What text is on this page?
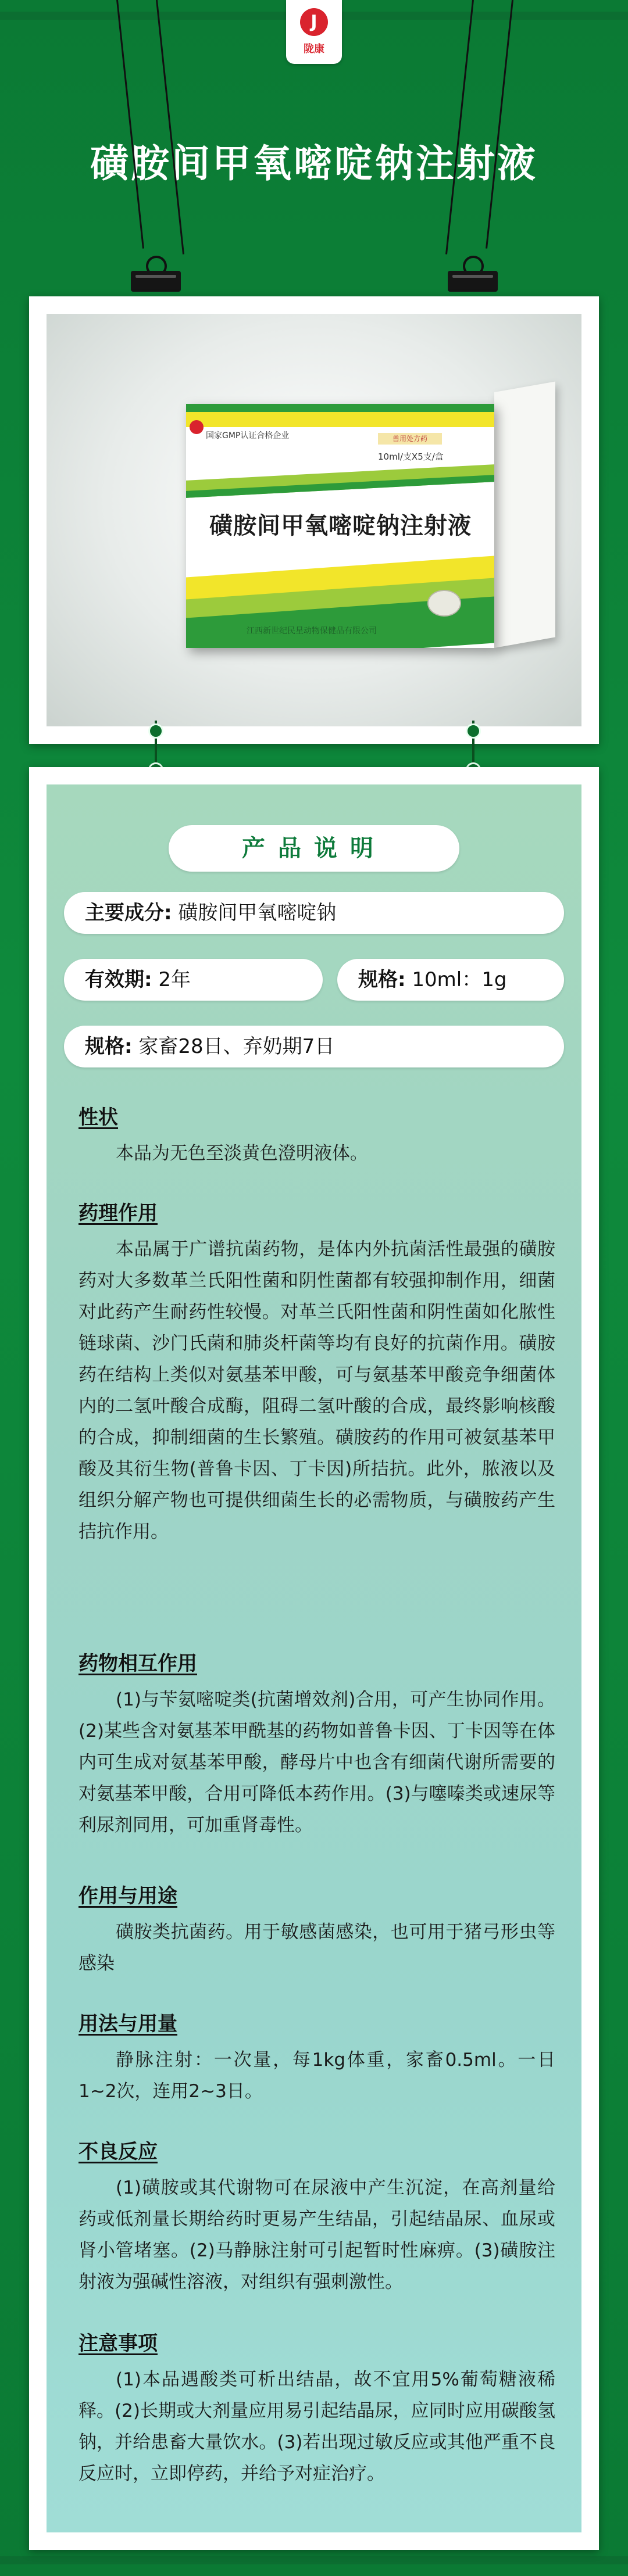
J
陇康
磺胺间甲氧嘧啶钠注射液
国家GMP认证合格企业	兽用处方药
10ml/支X5支/盒
磺胺间甲氧嘧啶钠注射液
江西新世纪民星动物保健品有限公司
产品说明
主要成分: 磺胺间甲氧嘧啶钠
有效期: 2年	规格: 10ml：1g
规格: 家畜28日、弃奶期7日
性状

本品为无色至淡黄色澄明液体。

药理作用

本品属于广谱抗菌药物，是体内外抗菌活性最强的磺胺药对大多数革兰氏阳性菌和阴性菌都有较强抑制作用，细菌对此药产生耐药性较慢。对革兰氏阳性菌和阴性菌如化脓性链球菌、沙门氏菌和肺炎杆菌等均有良好的抗菌作用。磺胺药在结构上类似对氨基苯甲酸，可与氨基苯甲酸竞争细菌体内的二氢叶酸合成酶，阻碍二氢叶酸的合成，最终影响核酸的合成，抑制细菌的生长繁殖。磺胺药的作用可被氨基苯甲酸及其衍生物(普鲁卡因、丁卡因)所拮抗。此外，脓液以及组织分解产物也可提供细菌生长的必需物质，与磺胺药产生拮抗作用。

药物相互作用

(1)与苄氨嘧啶类(抗菌增效剂)合用，可产生协同作用。(2)某些含对氨基苯甲酰基的药物如普鲁卡因、丁卡因等在体内可生成对氨基苯甲酸，酵母片中也含有细菌代谢所需要的对氨基苯甲酸，合用可降低本药作用。(3)与噻嗪类或速尿等利尿剂同用，可加重肾毒性。

作用与用途

磺胺类抗菌药。用于敏感菌感染，也可用于猪弓形虫等感染

用法与用量

静脉注射：一次量，每1kg体重，家畜0.5ml。一日1~2次，连用2~3日。

不良反应

(1)磺胺或其代谢物可在尿液中产生沉淀，在高剂量给药或低剂量长期给药时更易产生结晶，引起结晶尿、血尿或肾小管堵塞。(2)马静脉注射可引起暂时性麻痹。(3)磺胺注射液为强碱性溶液，对组织有强刺激性。

注意事项

(1)本品遇酸类可析出结晶，故不宜用5%葡萄糖液稀释。(2)长期或大剂量应用易引起结晶尿，应同时应用碳酸氢钠，并给患畜大量饮水。(3)若出现过敏反应或其他严重不良反应时，立即停药，并给予对症治疗。
